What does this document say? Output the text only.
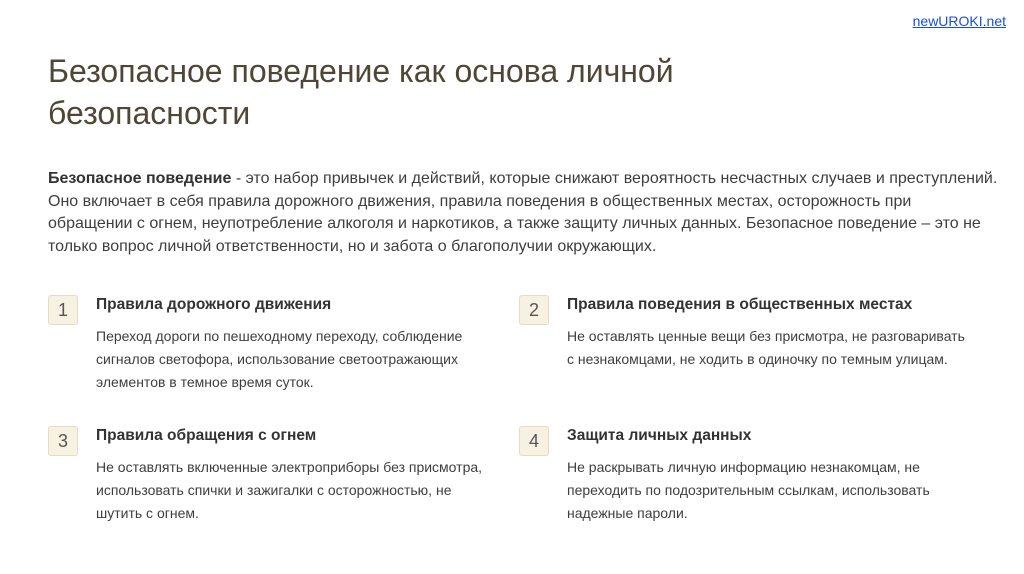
newUROKI.net
Безопасное поведение как основа личной безопасности
Безопасное поведение - это набор привычек и действий, которые снижают вероятность несчастных случаев и преступлений. Оно включает в себя правила дорожного движения, правила поведения в общественных местах, осторожность при обращении с огнем, неупотребление алкоголя и наркотиков, а также защиту личных данных. Безопасное поведение – это не только вопрос личной ответственности, но и забота о благополучии окружающих.
1	Правила дорожного движения
Переход дороги по пешеходному переходу, соблюдение сигналов светофора, использование светоотражающих элементов в темное время суток.
2	Правила поведения в общественных местах
Не оставлять ценные вещи без присмотра, не разговаривать с незнакомцами, не ходить в одиночку по темным улицам.
3	Правила обращения с огнем
Не оставлять включенные электроприборы без присмотра, использовать спички и зажигалки с осторожностью, не шутить с огнем.
4	Защита личных данных
Не раскрывать личную информацию незнакомцам, не переходить по подозрительным ссылкам, использовать надежные пароли.
